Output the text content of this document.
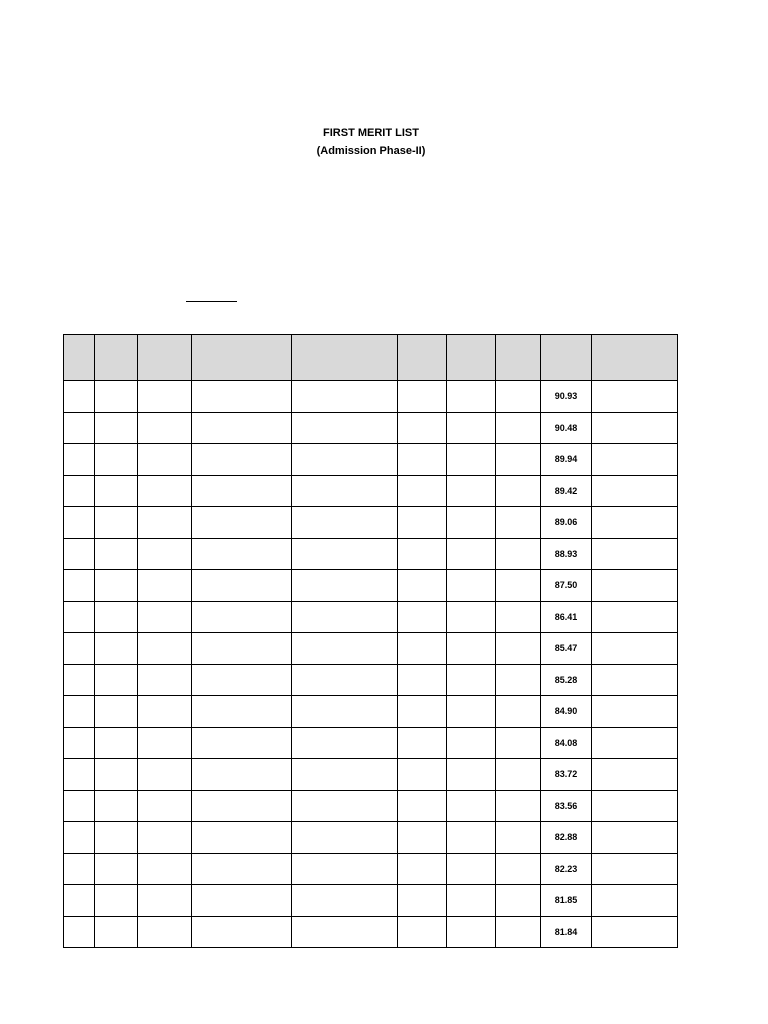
FIRST MERIT LIST
(Admission Phase-II)

								90.93	
								90.48	
								89.94	
								89.42	
								89.06	
								88.93	
								87.50	
								86.41	
								85.47	
								85.28	
								84.90	
								84.08	
								83.72	
								83.56	
								82.88	
								82.23	
								81.85	
								81.84	
